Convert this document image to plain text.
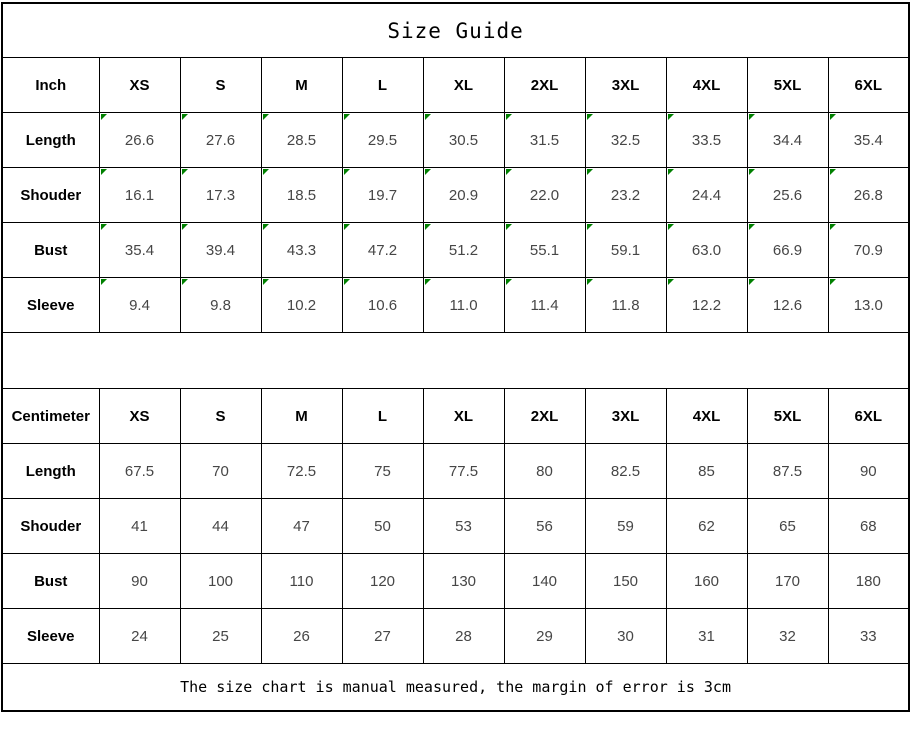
Size Guide										
Inch	XS	S	M	L	XL	2XL	3XL	4XL	5XL	6XL
Length	26.6	27.6	28.5	29.5	30.5	31.5	32.5	33.5	34.4	35.4
Shouder	16.1	17.3	18.5	19.7	20.9	22.0	23.2	24.4	25.6	26.8
Bust	35.4	39.4	43.3	47.2	51.2	55.1	59.1	63.0	66.9	70.9
Sleeve	9.4	9.8	10.2	10.6	11.0	11.4	11.8	12.2	12.6	13.0

Centimeter	XS	S	M	L	XL	2XL	3XL	4XL	5XL	6XL
Length	67.5	70	72.5	75	77.5	80	82.5	85	87.5	90
Shouder	41	44	47	50	53	56	59	62	65	68
Bust	90	100	110	120	130	140	150	160	170	180
Sleeve	24	25	26	27	28	29	30	31	32	33
The size chart is manual measured, the margin of error is 3cm										
